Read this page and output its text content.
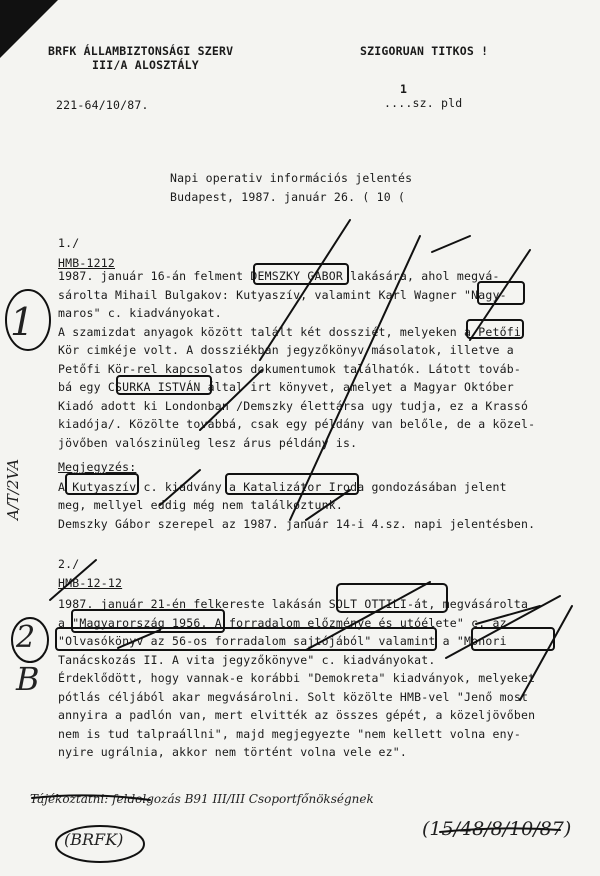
BRFK ÁLLAMBIZTONSÁGI SZERV
III/A ALOSZTÁLY
SZIGORUAN TITKOS !
1
221-64/10/87.	....sz. pld
Napi operativ információs jelentés
Budapest, 1987. január 26. ( 10 (
1./
HMB-1212
1987. január 16-án felment DEMSZKY GÁBOR lakására, ahol megvá-
sárolta Mihail Bulgakov: Kutyaszív, valamint Karl Wagner "Nagy-
maros" c. kiadványokat.
A szamizdat anyagok között talált két dossziét, melyeken a Petőfi
Kör cimkéje volt. A dossziékban jegyzőkönyv másolatok, illetve a
Petőfi Kör-rel kapcsolatos dokumentumok találhatók. Látott továb-
bá egy CSURKA ISTVÁN által irt könyvet, amelyet a Magyar Október
Kiadó adott ki Londonban /Demszky élettársa ugy tudja, ez a Krassó
kiadója/. Közölte továbbá, csak egy példány van belőle, de a közel-
jövőben valószinüleg lesz árus példány is.
Megjegyzés:
A Kutyaszív c. kiadvány a Katalizátor Iroda gondozásában jelent
meg, mellyel eddig még nem találkoztunk.
Demszky Gábor szerepel az 1987. január 14-i 4.sz. napi jelentésben.
2./
HMB-12-12
1987. január 21-én felkereste lakásán SOLT OTTILI-át, megvásárolta
a "Magyarország 1956. A forradalom előzménye és utóélete" c. az
"Olvasókönyv az 56-os forradalom sajtójából" valamint a "Monori
Tanácskozás II. A vita jegyzőkönyve" c. kiadványokat.
Érdeklődött, hogy vannak-e korábbi "Demokreta" kiadványok, melyeket
pótlás céljából akar megvásárolni. Solt közölte HMB-vel "Jenő most
annyira a padlón van, mert elvitték az összes gépét, a közeljövőben
nem is tud talpraállni", majd megjegyezte "nem kellett volna eny-
nyire ugrálnia, akkor nem történt volna vele ez".
1
A/T/2VA
2
B
Tájékoztatni: feldolgozás B91 III/III Csoportfőnökségnek
(15/48/8/10/87)
(BRFK)
